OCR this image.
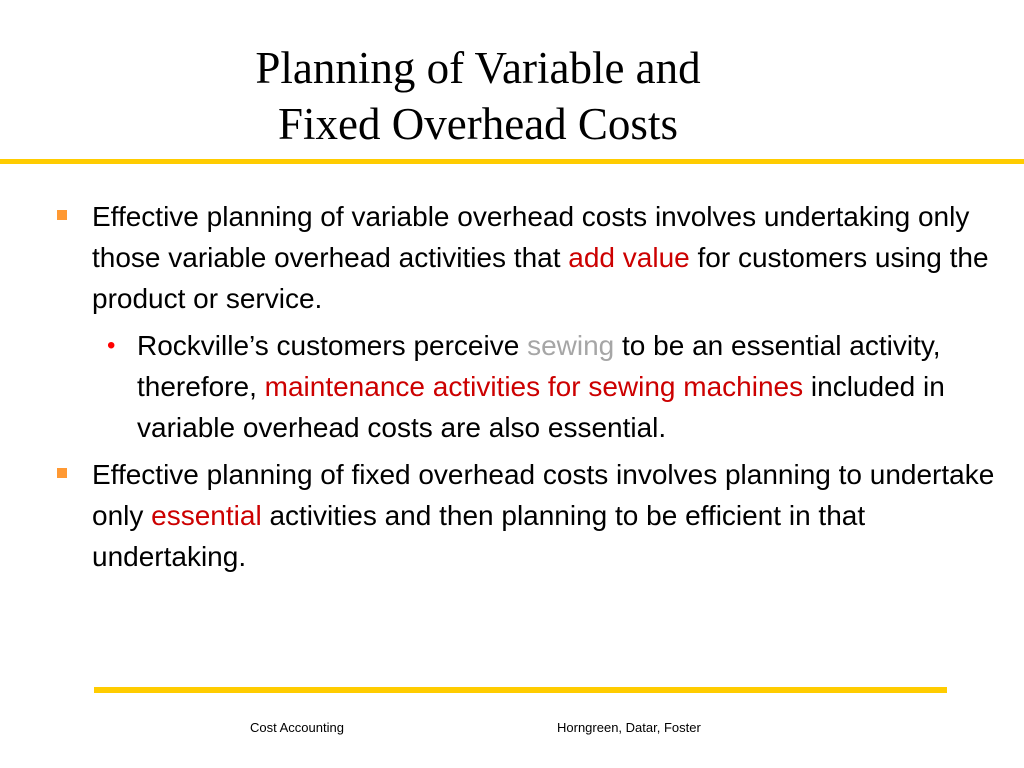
Planning of Variable and
Fixed Overhead Costs
Effective planning of variable overhead costs involves undertaking only those variable overhead activities that add value for customers using the product or service.
• Rockville’s customers perceive sewing to be an essential activity, therefore, maintenance activities for sewing machines included in variable overhead costs are also essential.
Effective planning of fixed overhead costs involves planning to undertake only essential activities and then planning to be efficient in that undertaking.
Cost Accounting	Horngreen, Datar, Foster
